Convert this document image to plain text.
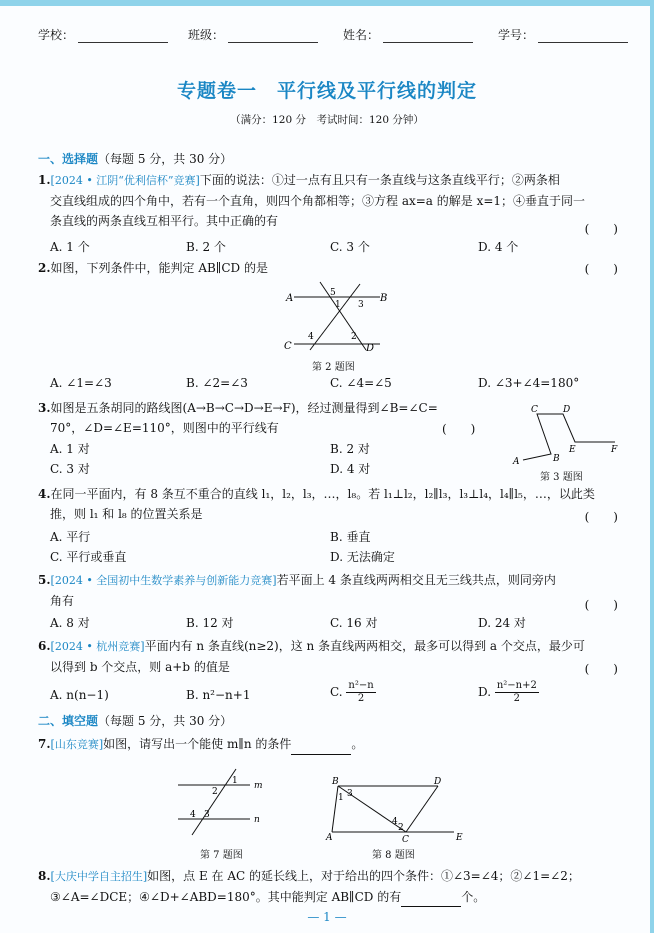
学校：	班级：	姓名：	学号：
专题卷一　平行线及平行线的判定
（满分：120 分　考试时间：120 分钟）
一、选择题（每题 5 分，共 30 分）
1.[2024 • 江阴“优利信杯”竞赛]下面的说法：①过一点有且只有一条直线与这条直线平行；②两条相
交直线组成的四个角中，若有一个直角，则四个角都相等；③方程 ax=a 的解是 x=1；④垂直于同一
条直线的两条直线互相平行。其中正确的有
(　　)
A. 1 个	B. 2 个	C. 3 个	D. 4 个
2.如图，下列条件中，能判定 AB∥CD 的是	(　　)
A	B
C	D
1
2
3
4
5
第 2 题图
A. ∠1=∠3	B. ∠2=∠3	C. ∠4=∠5	D. ∠3+∠4=180°
3.如图是五条胡同的路线图(A→B→C→D→E→F)，经过测量得到∠B=∠C=
70°，∠D=∠E=110°，则图中的平行线有	(　　)
A. 1 对	B. 2 对
C. 3 对	D. 4 对	A	B
C	D
E	F
第 3 题图
4.在同一平面内，有 8 条互不重合的直线 l₁，l₂，l₃，…，l₈。若 l₁⊥l₂，l₂∥l₃，l₃⊥l₄，l₄∥l₅，…，以此类
推，则 l₁ 和 l₈ 的位置关系是	(　　)
A. 平行	B. 垂直
C. 平行或垂直	D. 无法确定
5.[2024 • 全国初中生数学素养与创新能力竞赛]若平面上 4 条直线两两相交且无三线共点，则同旁内
角有	(　　)
A. 8 对	B. 12 对	C. 16 对	D. 24 对
6.[2024 • 杭州竞赛]平面内有 n 条直线(n≥2)，这 n 条直线两两相交，最多可以得到 a 个交点，最少可
以得到 b 个交点，则 a+b 的值是	(　　)
A. n(n−1)	B. n²−n+1	C. $\frac{\text{n²−n}}{2}$	D. $\frac{\text{n²−n+2}}{2}$
二、填空题（每题 5 分，共 30 分）
7.[山东竞赛]如图，请写出一个能使 m∥n 的条件	。
1
2
3
4
m
n
第 7 题图
A
B
C
D
E
1
2
3
4
第 8 题图
8.[大庆中学自主招生]如图，点 E 在 AC 的延长线上，对于给出的四个条件：①∠3=∠4；②∠1=∠2；
③∠A=∠DCE；④∠D+∠ABD=180°。其中能判定 AB∥CD 的有	个。
— 1 —
